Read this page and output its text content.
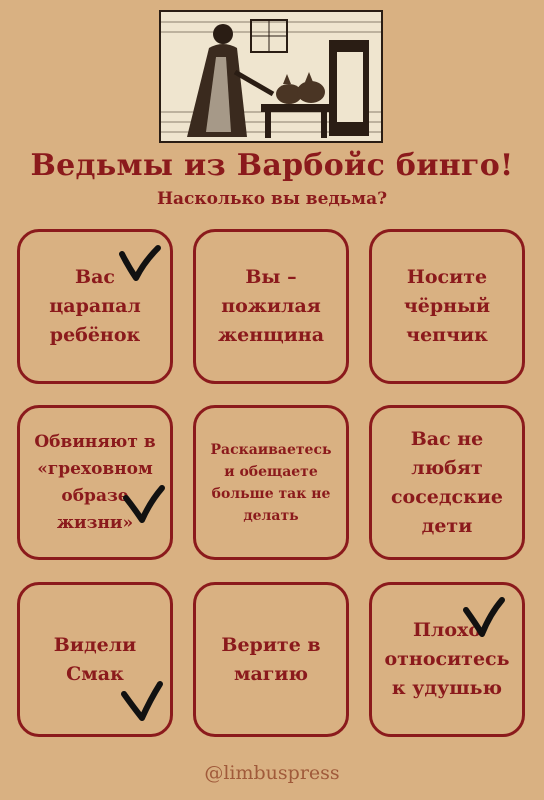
Ведьмы из Варбойс бинго!
Насколько вы ведьма?
Вас
царапал
ребёнок
Вы –
пожилая
женщина
Носите
чёрный
чепчик
Обвиняют в
«греховном
образе
жизни»
Раскаиваетесь
и обещаете
больше так не
делать
Вас не
любят
соседские
дети
Видели
Смак
Верите в
магию
Плохо
относитесь
к удушью
@limbuspress
